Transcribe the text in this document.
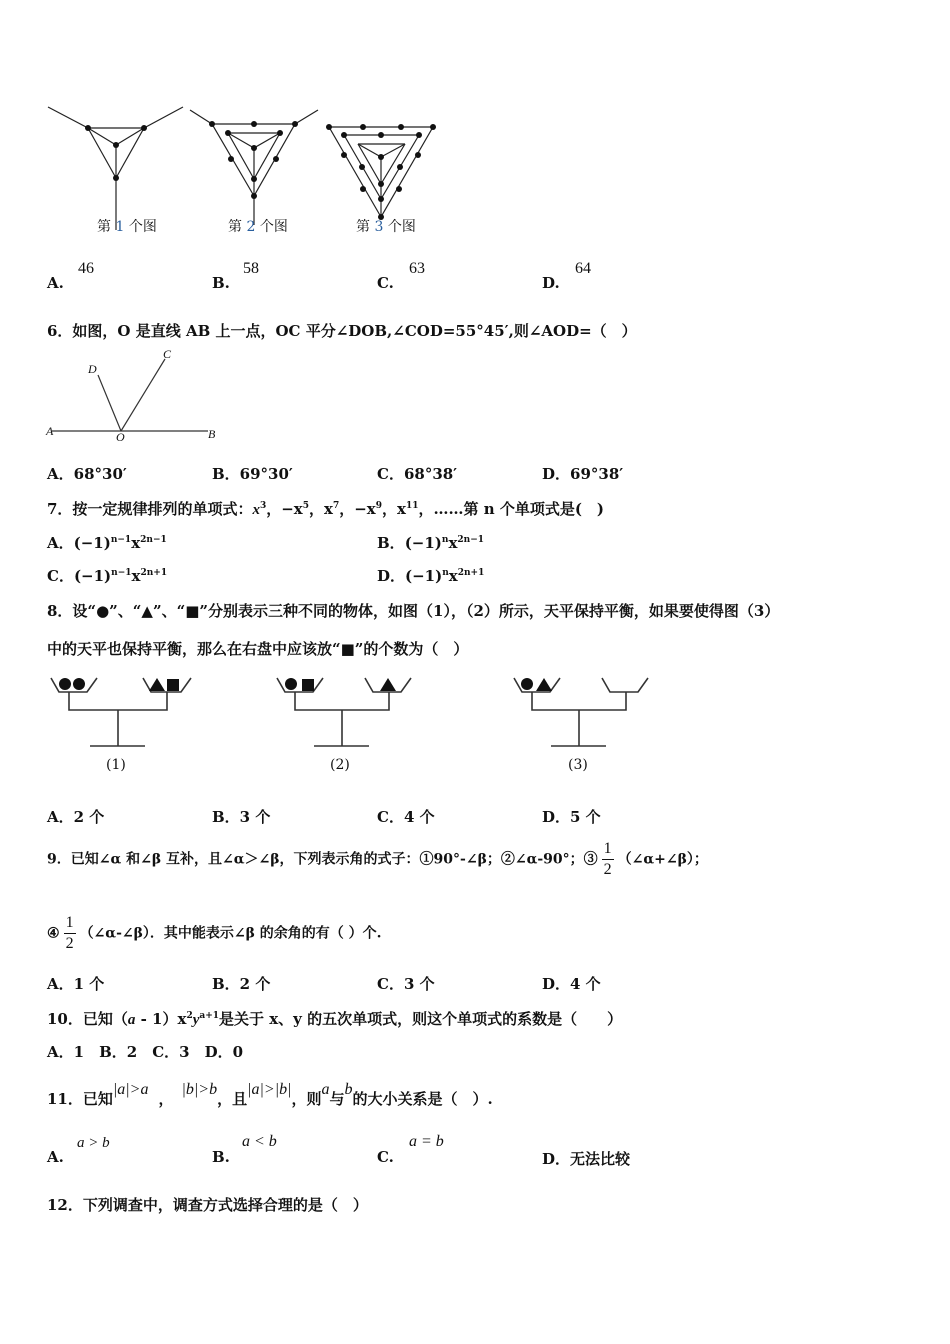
第 1 个图	第 2 个图	第 3 个图
A.
46
B.
58
C.
63
D.
64
6．如图，O 是直线 AB 上一点，OC 平分∠DOB,∠COD=55°45′,则∠AOD=（　）
A	O	B
C
D
A．68°30′	B．69°30′	C．68°38′	D．69°38′
7．按一定规律排列的单项式：$x^3$，$-x^5$，$x^7$，$-x^9$，$x^{11}$，……第 n 个单项式是(　)
A．$(-1)^{n-1}x^{2n-1}$	B．$(-1)^nx^{2n-1}$
C．$(-1)^{n-1}x^{2n+1}$	D．$(-1)^nx^{2n+1}$
8．设“●”、“▲”、“■”分别表示三种不同的物体，如图（1），（2）所示，天平保持平衡，如果要使得图（3）
中的天平也保持平衡，那么在右盘中应该放“■”的个数为（　）
(1)	(2)	(3)
A．2 个	B．3 个	C．4 个	D．5 个
9．已知∠α 和∠β 互补，且∠α＞∠β，下列表示角的式子：①90°-∠β；②∠α-90°；③ $\frac{1}{2}$ （∠α+∠β）；
④ $\frac{1}{2}$ （∠α-∠β）．其中能表示∠β 的余角的有（ ）个.
A．1 个	B．2 个	C．3 个	D．4 个
10．已知$(a - 1)x^2y^{a+1}$是关于 x、y 的五次单项式，则这个单项式的系数是（　　）
A．1　B．2　C．3　D．0
11．已知|a|>a，|b|>b，且|a|>|b|，则a与b的大小关系是（　）.
A.
a > b
B.
a < b
C.
a = b
D．无法比较
12．下列调查中，调查方式选择合理的是（　）
